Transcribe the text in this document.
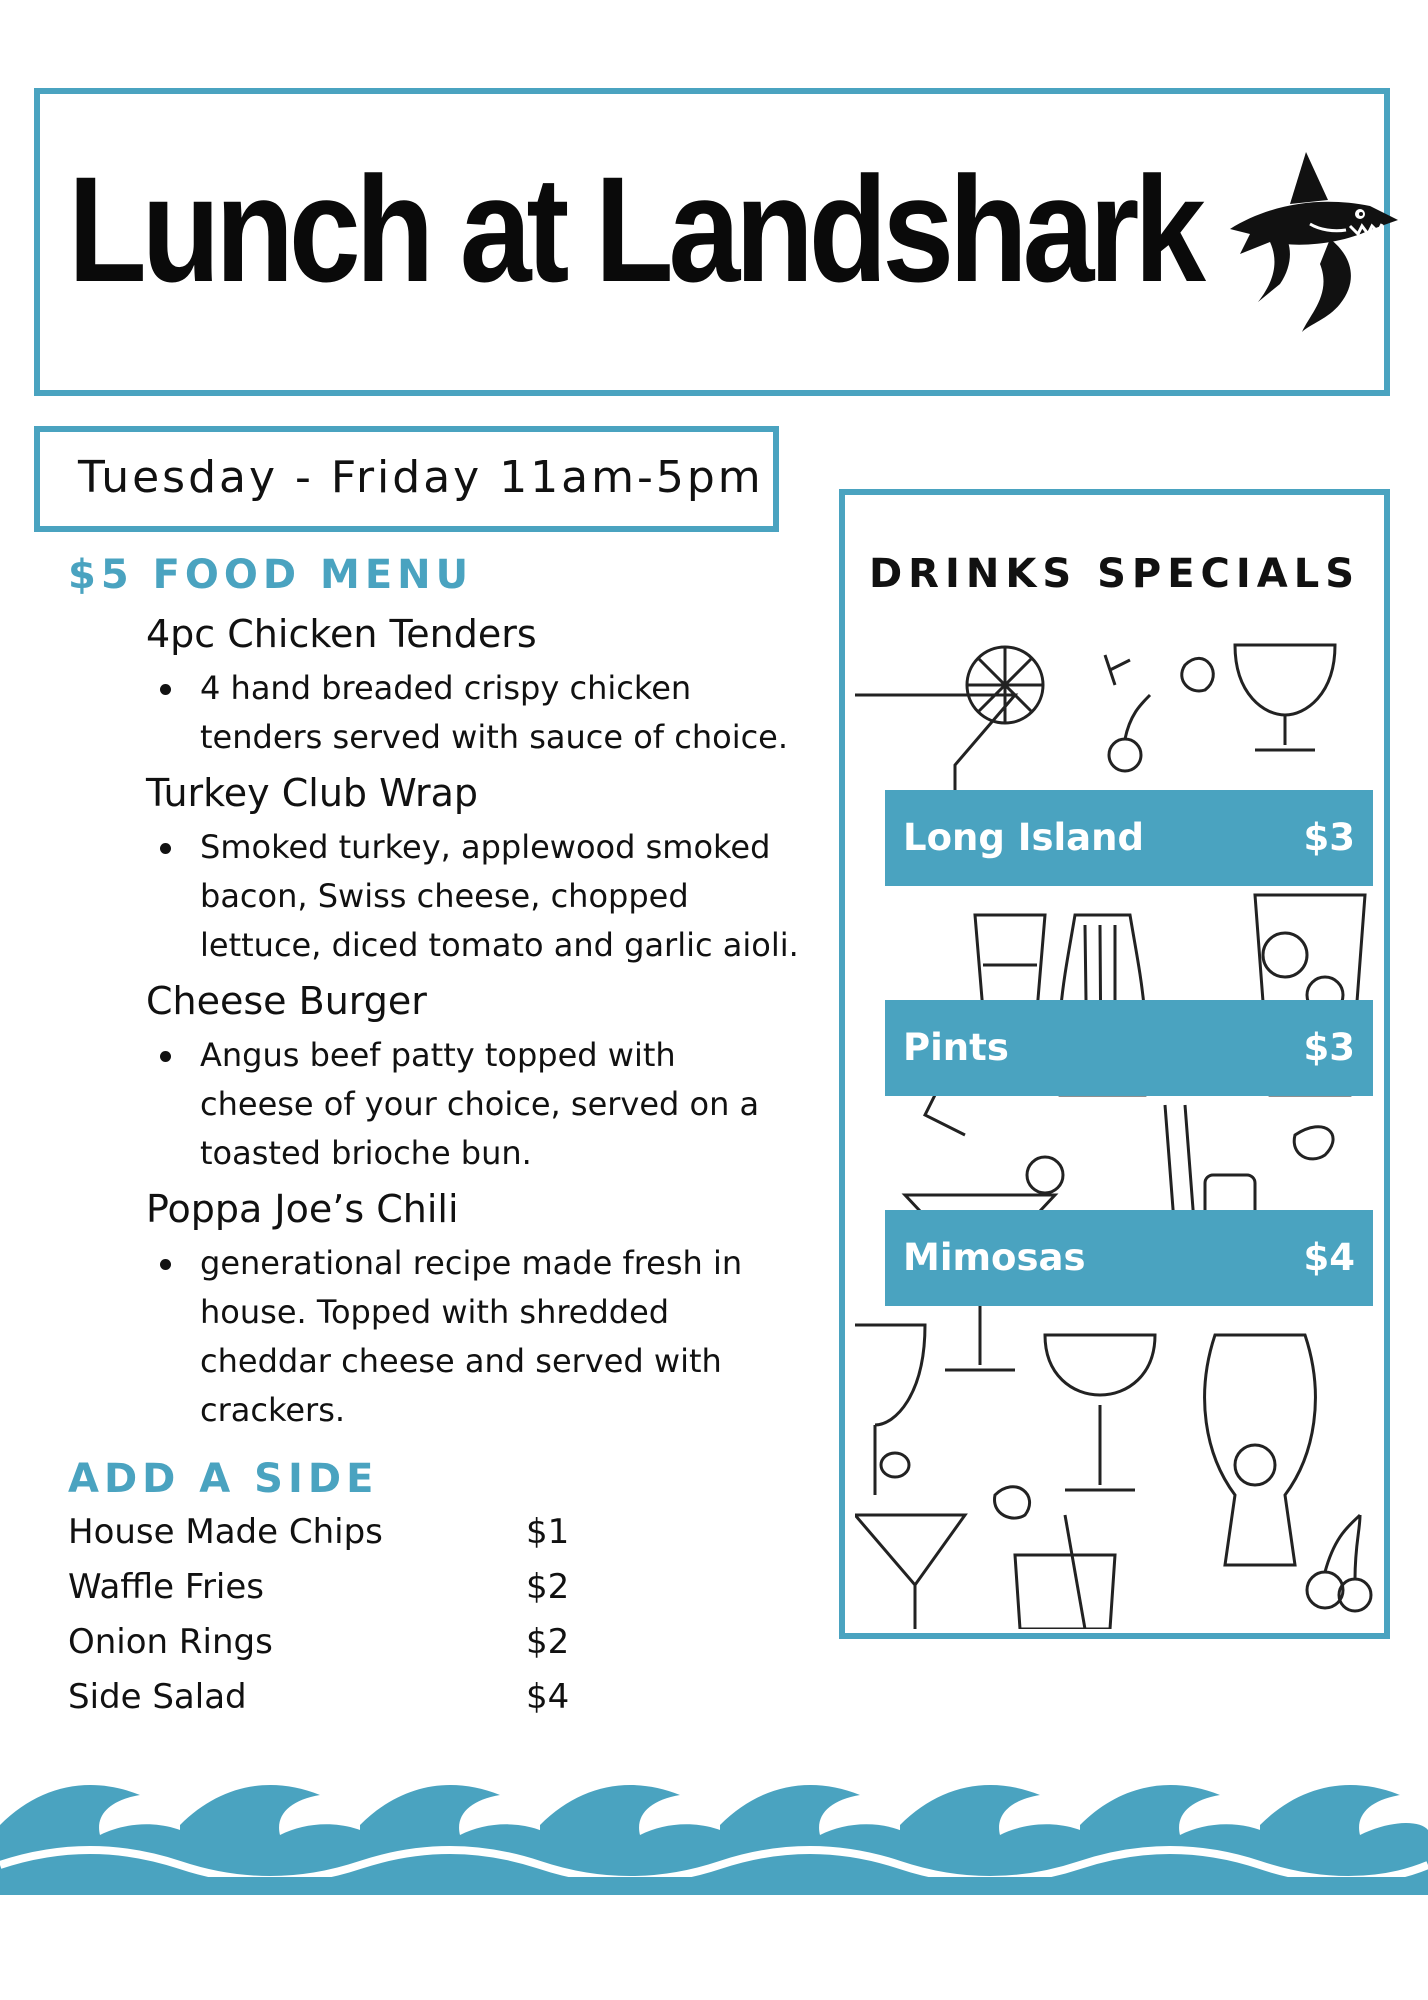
Lunch at Landshark
Tuesday - Friday 11am-5pm
$5 FOOD MENU
4pc Chicken Tenders
4 hand breaded crispy chicken
tenders served with sauce of choice.
Turkey Club Wrap
Smoked turkey, applewood smoked
bacon, Swiss cheese, chopped
lettuce, diced tomato and garlic aioli.
Cheese Burger
Angus beef patty topped with
cheese of your choice, served on a
toasted brioche bun.
Poppa Joe’s Chili
generational recipe made fresh in
house. Topped with shredded
cheddar cheese and served with
crackers.
ADD A SIDE
House Made Chips	$1
Waffle Fries	$2
Onion Rings	$2
Side Salad	$4
DRINKS SPECIALS
Long Island	$3
Pints	$3
Mimosas	$4
